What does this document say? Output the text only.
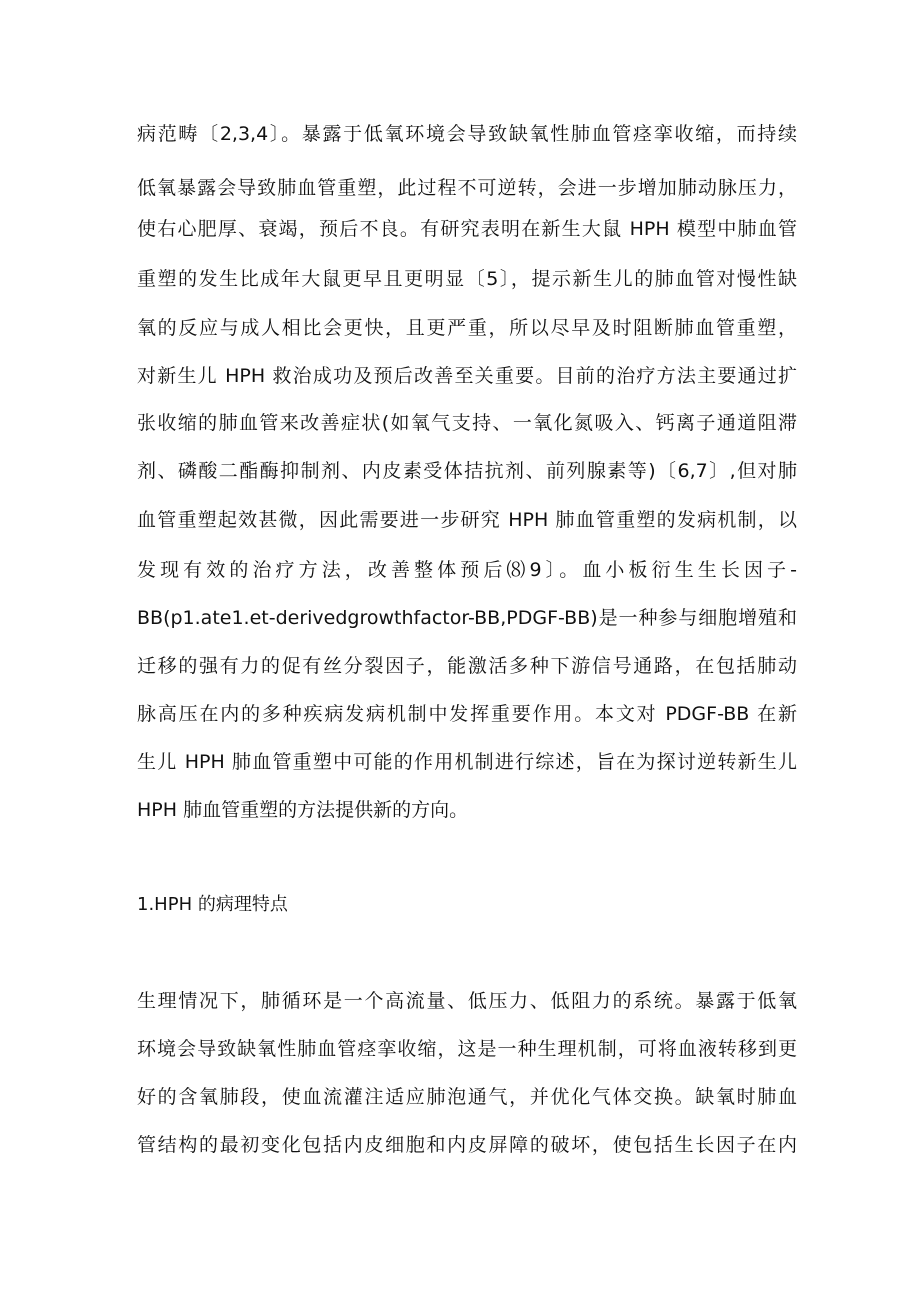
病范畴〔2,3,4〕。暴露于低氧环境会导致缺氧性肺血管痉挛收缩，而持续
低氧暴露会导致肺血管重塑，此过程不可逆转，会进一步增加肺动脉压力，
使右心肥厚、衰竭，预后不良。有研究表明在新生大鼠 HPH 模型中肺血管
重塑的发生比成年大鼠更早且更明显〔5〕，提示新生儿的肺血管对慢性缺
氧的反应与成人相比会更快，且更严重，所以尽早及时阻断肺血管重塑，
对新生儿 HPH 救治成功及预后改善至关重要。目前的治疗方法主要通过扩
张收缩的肺血管来改善症状(如氧气支持、一氧化氮吸入、钙离子通道阻滞
剂、磷酸二酯酶抑制剂、内皮素受体拮抗剂、前列腺素等)〔6,7〕,但对肺
血管重塑起效甚微，因此需要进一步研究 HPH 肺血管重塑的发病机制，以
发现有效的治疗方法，改善整体预后⑻9〕。血小板衍生生长因子-
BB(p1.ate1.et-derivedgrowthfactor-BB,PDGF-BB)是一种参与细胞增殖和
迁移的强有力的促有丝分裂因子，能激活多种下游信号通路，在包括肺动
脉高压在内的多种疾病发病机制中发挥重要作用。本文对 PDGF-BB 在新
生儿 HPH 肺血管重塑中可能的作用机制进行综述，旨在为探讨逆转新生儿
HPH 肺血管重塑的方法提供新的方向。
1.HPH 的病理特点
生理情况下，肺循环是一个高流量、低压力、低阻力的系统。暴露于低氧
环境会导致缺氧性肺血管痉挛收缩，这是一种生理机制，可将血液转移到更
好的含氧肺段，使血流灌注适应肺泡通气，并优化气体交换。缺氧时肺血
管结构的最初变化包括内皮细胞和内皮屏障的破坏，使包括生长因子在内
